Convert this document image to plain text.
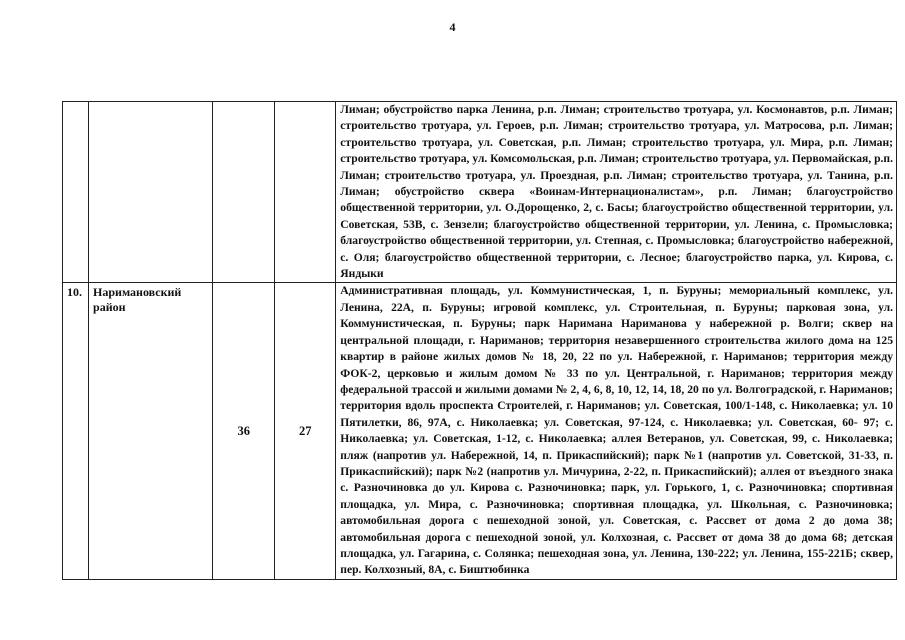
4
				Лиман; обустройство парка Ленина, р.п. Лиман; строительство тротуара, ул. Космонавтов, р.п. Лиман; строительство тротуара, ул. Героев, р.п. Лиман; строительство тротуара, ул. Матросова, р.п. Лиман; строительство тротуара, ул. Советская, р.п. Лиман; строительство тротуара, ул. Мира, р.п. Лиман; строительство тротуара, ул. Комсомольская, р.п. Лиман; строительство тротуара, ул. Первомайская, р.п. Лиман; строительство тротуара, ул. Проездная, р.п. Лиман; строительство тротуара, ул. Танина, р.п. Лиман; обустройство сквера «Воинам-Интернационалистам», р.п. Лиман; благоустройство общественной территории, ул. О.Дорощенко, 2, с. Басы; благоустройство общественной территории, ул. Советская, 53В, с. Зензели; благоустройство общественной территории, ул. Ленина, с. Промысловка; благоустройство общественной территории, ул. Степная, с. Промысловка; благоустройство набережной, с. Оля; благоустройство общественной территории, с. Лесное; благоустройство парка, ул. Кирова, с. Яндыки
10.	Наримановский район	36	27	Административная площадь, ул. Коммунистическая, 1, п. Буруны; мемориальный комплекс, ул. Ленина, 22А, п. Буруны; игровой комплекс, ул. Строительная, п. Буруны; парковая зона, ул. Коммунистическая, п. Буруны; парк Наримана Нариманова у набережной р. Волги; сквер на центральной площади, г. Нариманов; территория незавершенного строительства жилого дома на 125 квартир в районе жилых домов № 18, 20, 22 по ул. Набережной, г. Нариманов; территория между ФОК-2, церковью и жилым домом № 33 по ул. Центральной, г. Нариманов; территория между федеральной трассой и жилыми домами № 2, 4, 6, 8, 10, 12, 14, 18, 20 по ул. Волгоградской, г. Нариманов; территория вдоль проспекта Строителей, г. Нариманов; ул. Советская, 100/1-148, с. Николаевка; ул. 10 Пятилетки, 86, 97А, с. Николаевка; ул. Советская, 97-124, с. Николаевка; ул. Советская, 60- 97; с. Николаевка; ул. Советская, 1-12, с. Николаевка; аллея Ветеранов, ул. Советская, 99, с. Николаевка; пляж (напротив ул. Набережной, 14, п. Прикаспийский); парк №1 (напротив ул. Советской, 31-33, п. Прикаспийский); парк №2 (напротив ул. Мичурина, 2-22, п. Прикаспийский); аллея от въездного знака с. Разночиновка до ул. Кирова с. Разночиновка; парк, ул. Горького, 1, с. Разночиновка; спортивная площадка, ул. Мира, с. Разночиновка; спортивная площадка, ул. Школьная, с. Разночиновка; автомобильная дорога с пешеходной зоной, ул. Советская, с. Рассвет от дома 2 до дома 38; автомобильная дорога с пешеходной зоной, ул. Колхозная, с. Рассвет от дома 38 до дома 68; детская площадка, ул. Гагарина, с. Солянка; пешеходная зона, ул. Ленина, 130-222; ул. Ленина, 155-221Б; сквер, пер. Колхозный, 8А, с. Биштюбинка
